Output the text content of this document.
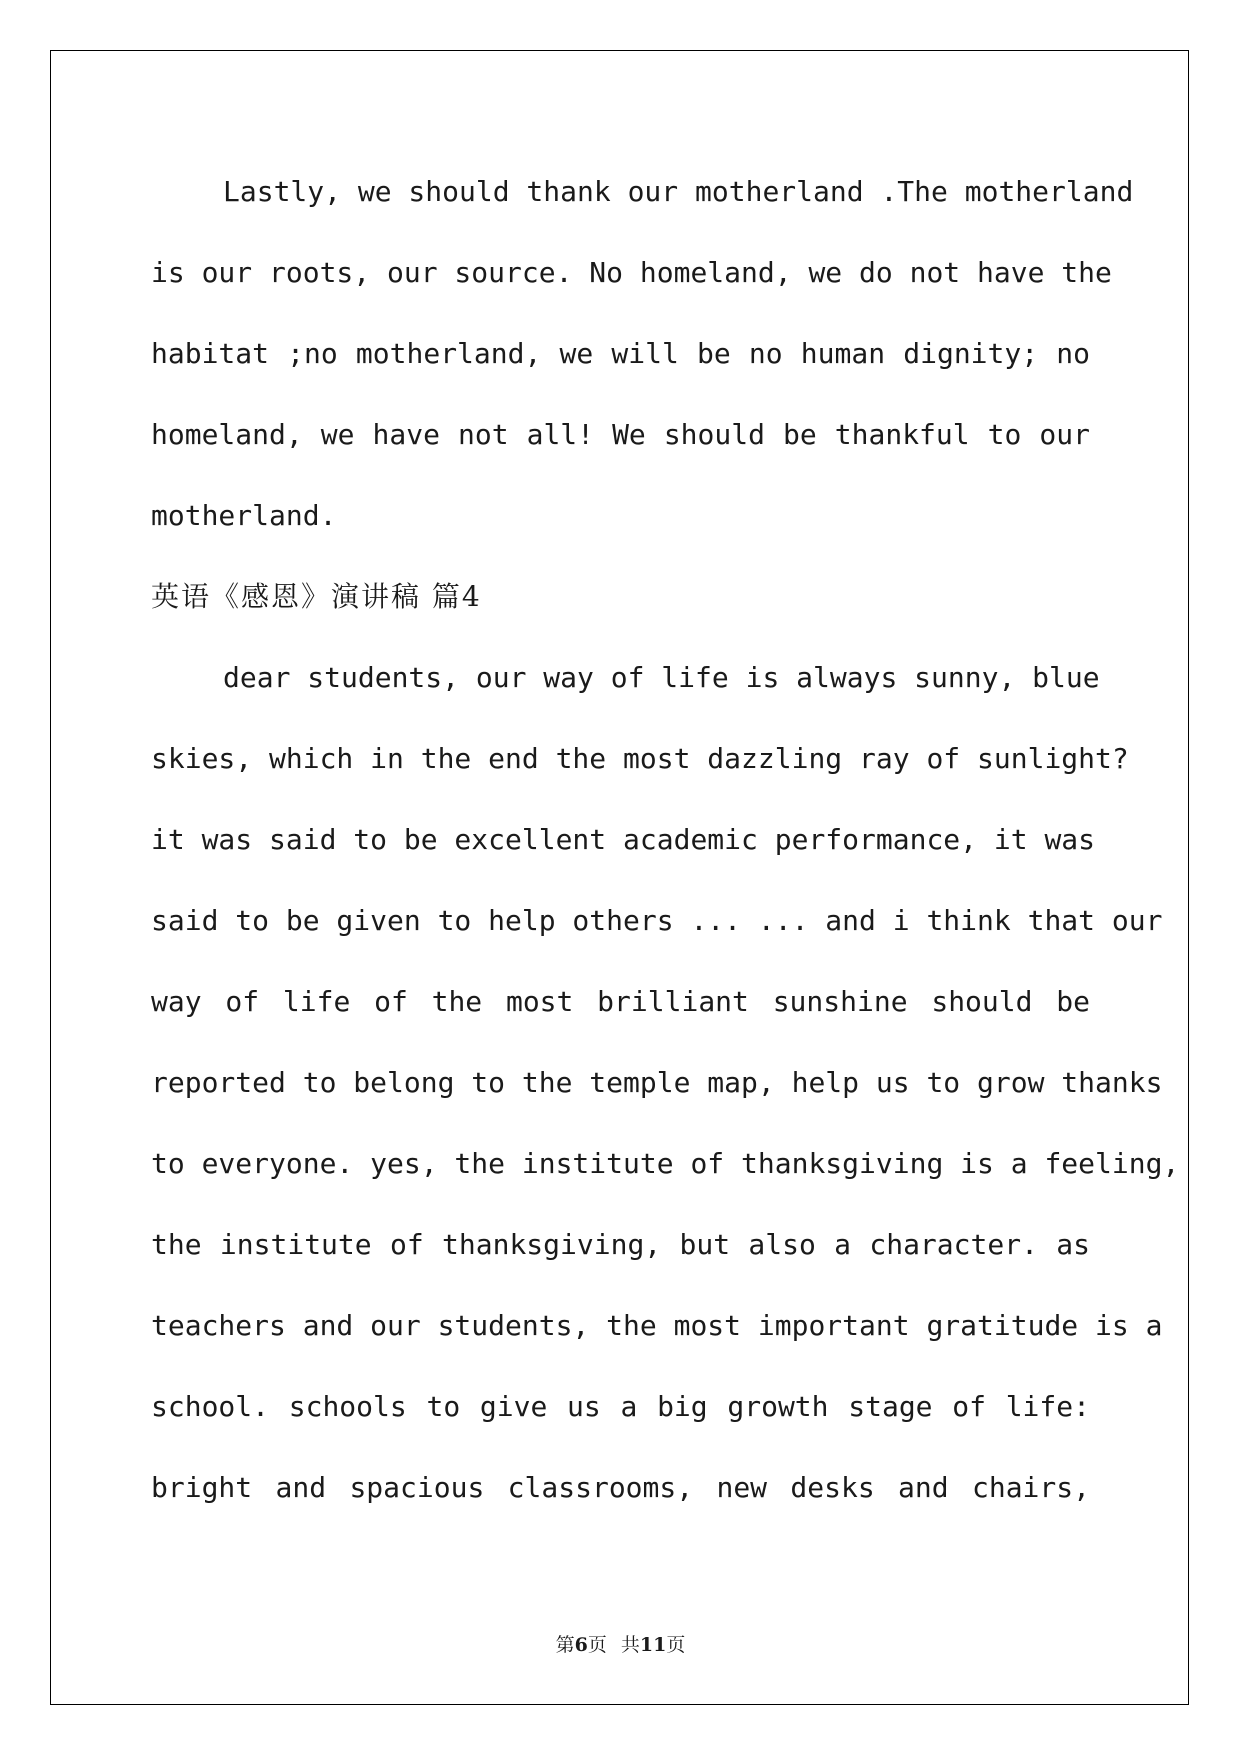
Lastly, we should thank our motherland .The motherland
is our roots, our source. No homeland, we do not have the
habitat ;no motherland, we will be no human dignity; no
homeland, we have not all! We should be thankful to our
motherland.
英语《感恩》演讲稿 篇4
dear students, our way of life is always sunny, blue
skies, which in the end the most dazzling ray of sunlight?
it was said to be excellent academic performance, it was
said to be given to help others ... ... and i think that our
way of life of the most brilliant sunshine should be
reported to belong to the temple map, help us to grow thanks
to everyone. yes, the institute of thanksgiving is a feeling,
the institute of thanksgiving, but also a character. as
teachers and our students, the most important gratitude is a
school. schools to give us a big growth stage of life:
bright and spacious classrooms, new desks and chairs,
第6页 共11页
